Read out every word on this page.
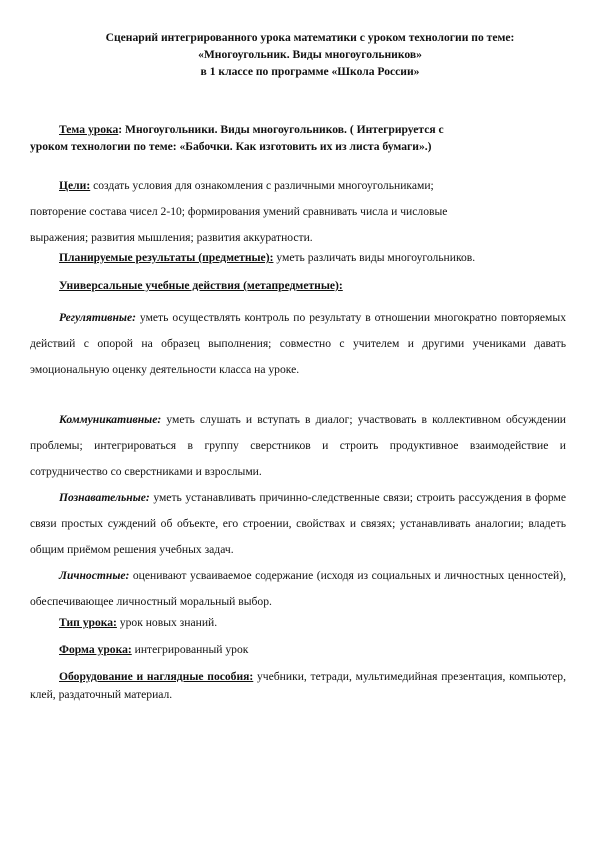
Сценарий интегрированного урока математики с уроком технологии по теме:
«Многоугольник. Виды многоугольников»
в 1 классе по программе «Школа России»
Тема урока: Многоугольники. Виды многоугольников. ( Интегрируется с
уроком технологии по теме: «Бабочки. Как изготовить их из листа бумаги».)
Цели: создать условия для ознакомления с различными многоугольниками;
повторение состава чисел 2-10; формирования умений сравнивать числа и числовые
выражения; развития мышления; развития аккуратности.
Планируемые результаты (предметные): уметь различать виды многоугольников.
Универсальные учебные действия (метапредметные):
Регулятивные: уметь осуществлять контроль по результату в отношении многократно повторяемых действий с опорой на образец выполнения; совместно с учителем и другими учениками давать эмоциональную оценку деятельности класса на уроке.
Коммуникативные: уметь слушать и вступать в диалог; участвовать в коллективном обсуждении проблемы; интегрироваться в группу сверстников и строить продуктивное взаимодействие и сотрудничество со сверстниками и взрослыми.
Познавательные: уметь устанавливать причинно-следственные связи; строить рассуждения в форме связи простых суждений об объекте, его строении, свойствах и связях; устанавливать аналогии; владеть общим приёмом решения учебных задач.
Личностные: оценивают усваиваемое содержание (исходя из социальных и личностных ценностей), обеспечивающее личностный моральный выбор.
Тип урока: урок новых знаний.
Форма урока: интегрированный урок
Оборудование и наглядные пособия: учебники, тетради, мультимедийная презентация, компьютер, клей, раздаточный материал.
